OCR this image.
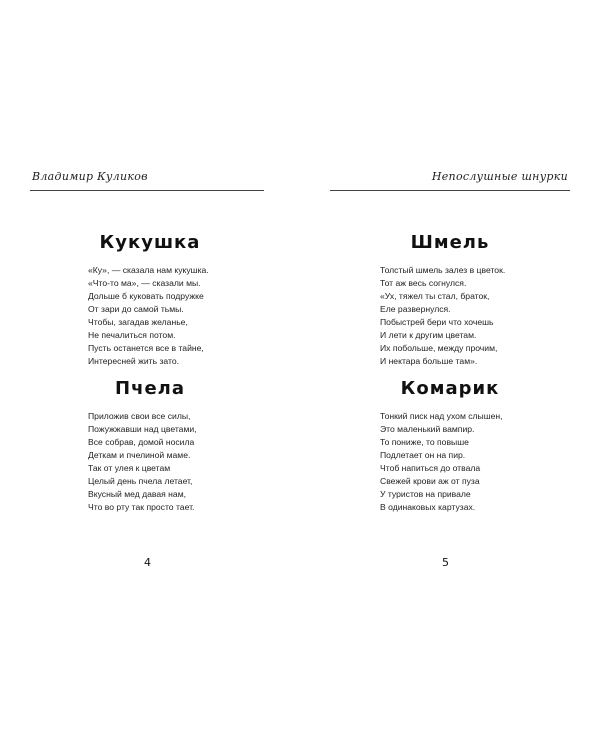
Владимир Куликов
Кукушка
«Ку», — сказала нам кукушка.
«Что-то ма», — сказали мы.
Дольше б куковать подружке
От зари до самой тьмы.
Чтобы, загадав желанье,
Не печалиться потом.
Пусть останется все в тайне,
Интересней жить зато.
Пчела
Приложив свои все силы,
Пожужжавши над цветами,
Все собрав, домой носила
Деткам и пчелиной маме.
Так от улея к цветам
Целый день пчела летает,
Вкусный мед давая нам,
Что во рту так просто тает.
4
Непослушные шнурки
Шмель
Толстый шмель залез в цветок.
Тот аж весь согнулся.
«Ух, тяжел ты стал, браток,
Еле развернулся.
Побыстрей бери что хочешь
И лети к другим цветам.
Их побольше, между прочим,
И нектара больше там».
Комарик
Тонкий писк над ухом слышен,
Это маленький вампир.
То пониже, то повыше
Подлетает он на пир.
Чтоб напиться до отвала
Свежей крови аж от пуза
У туристов на привале
В одинаковых картузах.
5
